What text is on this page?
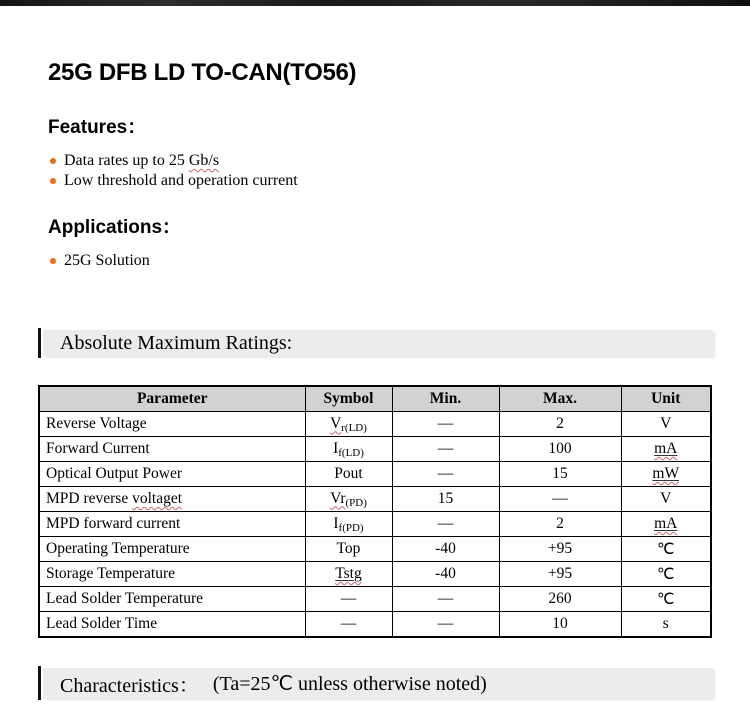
25G DFB LD TO-CAN(TO56)
Features：
Data rates up to 25 Gb/s
Low threshold and operation current
Applications：
25G Solution
Absolute Maximum Ratings:
Parameter	Symbol	Min.	Max.	Unit
Reverse Voltage	$V_{r(LD)}$	—	2	V
Forward Current	$I_{f(LD)}$	—	100	mA
Optical Output Power	Pout	—	15	mW
MPD reverse voltaget	$Vr_{(PD)}$	15	—	V
MPD forward current	$I_{f(PD)}$	—	2	mA
Operating Temperature	Top	-40	+95	℃
Storage Temperature	Tstg	-40	+95	℃
Lead Solder Temperature	—	—	260	℃
Lead Solder Time	—	—	10	s
Characteristics： (Ta=25℃ unless otherwise noted)
